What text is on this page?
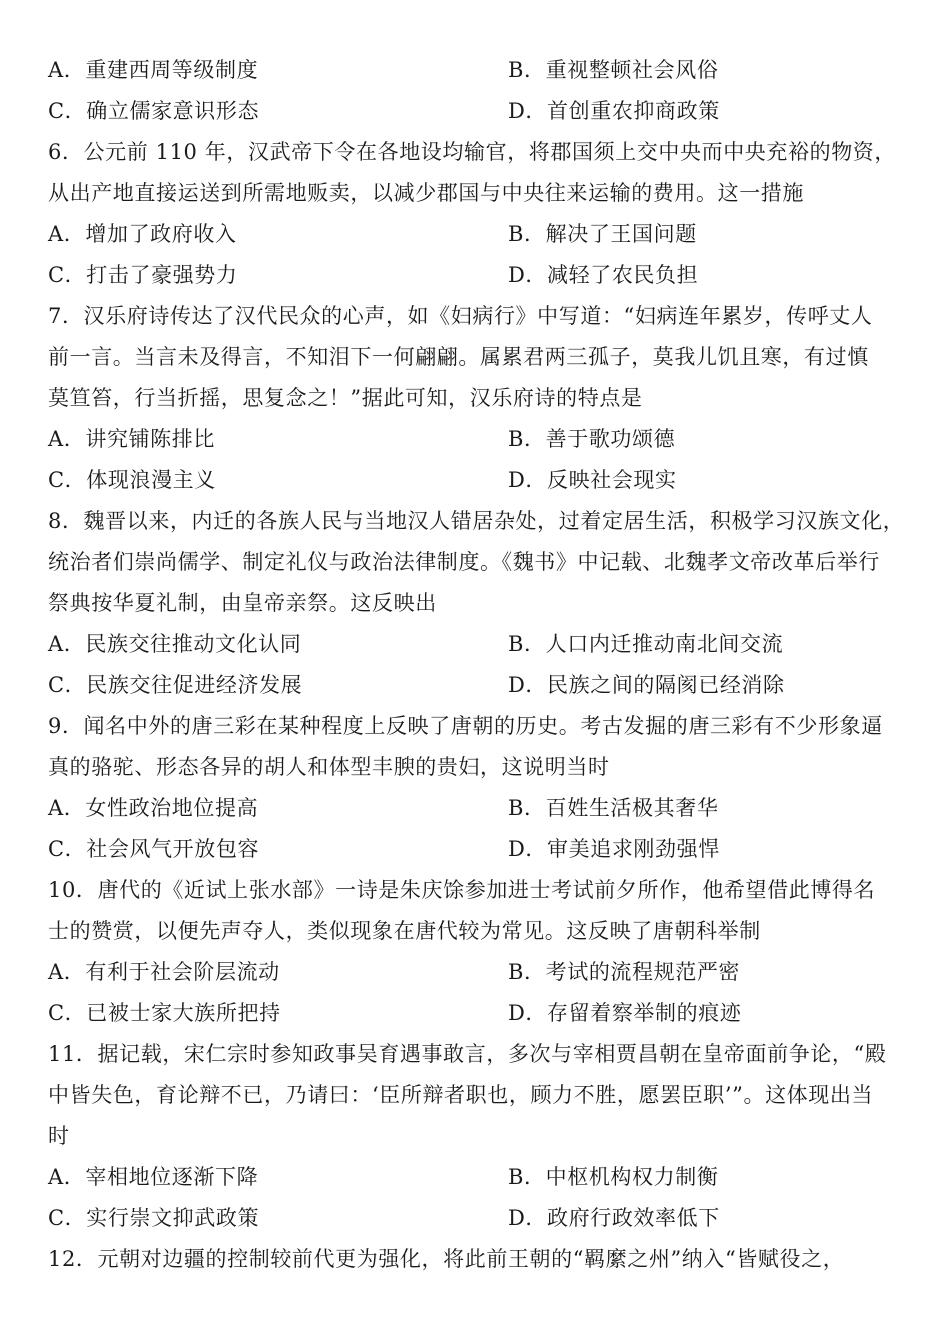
A．重建西周等级制度	B．重视整顿社会风俗
C．确立儒家意识形态	D．首创重农抑商政策
6．公元前 110 年，汉武帝下令在各地设均输官，将郡国须上交中央而中央充裕的物资，
从出产地直接运送到所需地贩卖，以减少郡国与中央往来运输的费用。这一措施
A．增加了政府收入	B．解决了王国问题
C．打击了豪强势力	D．减轻了农民负担
7．汉乐府诗传达了汉代民众的心声，如《妇病行》中写道：“妇病连年累岁，传呼丈人
前一言。当言未及得言，不知泪下一何翩翩。属累君两三孤子，莫我儿饥且寒，有过慎
莫笪笞，行当折摇，思复念之！”据此可知，汉乐府诗的特点是
A．讲究铺陈排比	B．善于歌功颂德
C．体现浪漫主义	D．反映社会现实
8．魏晋以来，内迁的各族人民与当地汉人错居杂处，过着定居生活，积极学习汉族文化，
统治者们崇尚儒学、制定礼仪与政治法律制度。《魏书》中记载、北魏孝文帝改革后举行
祭典按华夏礼制，由皇帝亲祭。这反映出
A．民族交往推动文化认同	B．人口内迁推动南北间交流
C．民族交往促进经济发展	D．民族之间的隔阂已经消除
9．闻名中外的唐三彩在某种程度上反映了唐朝的历史。考古发掘的唐三彩有不少形象逼
真的骆驼、形态各异的胡人和体型丰腴的贵妇，这说明当时
A．女性政治地位提高	B．百姓生活极其奢华
C．社会风气开放包容	D．审美追求刚劲强悍
10．唐代的《近试上张水部》一诗是朱庆馀参加进士考试前夕所作，他希望借此博得名
士的赞赏，以便先声夺人，类似现象在唐代较为常见。这反映了唐朝科举制
A．有利于社会阶层流动	B．考试的流程规范严密
C．已被士家大族所把持	D．存留着察举制的痕迹
11．据记载，宋仁宗时参知政事吴育遇事敢言，多次与宰相贾昌朝在皇帝面前争论，“殿
中皆失色，育论辩不已，乃请曰：‘臣所辩者职也，顾力不胜，愿罢臣职’”。这体现出当
时
A．宰相地位逐渐下降	B．中枢机构权力制衡
C．实行崇文抑武政策	D．政府行政效率低下
12．元朝对边疆的控制较前代更为强化，将此前王朝的“羁縻之州”纳入“皆赋役之，
